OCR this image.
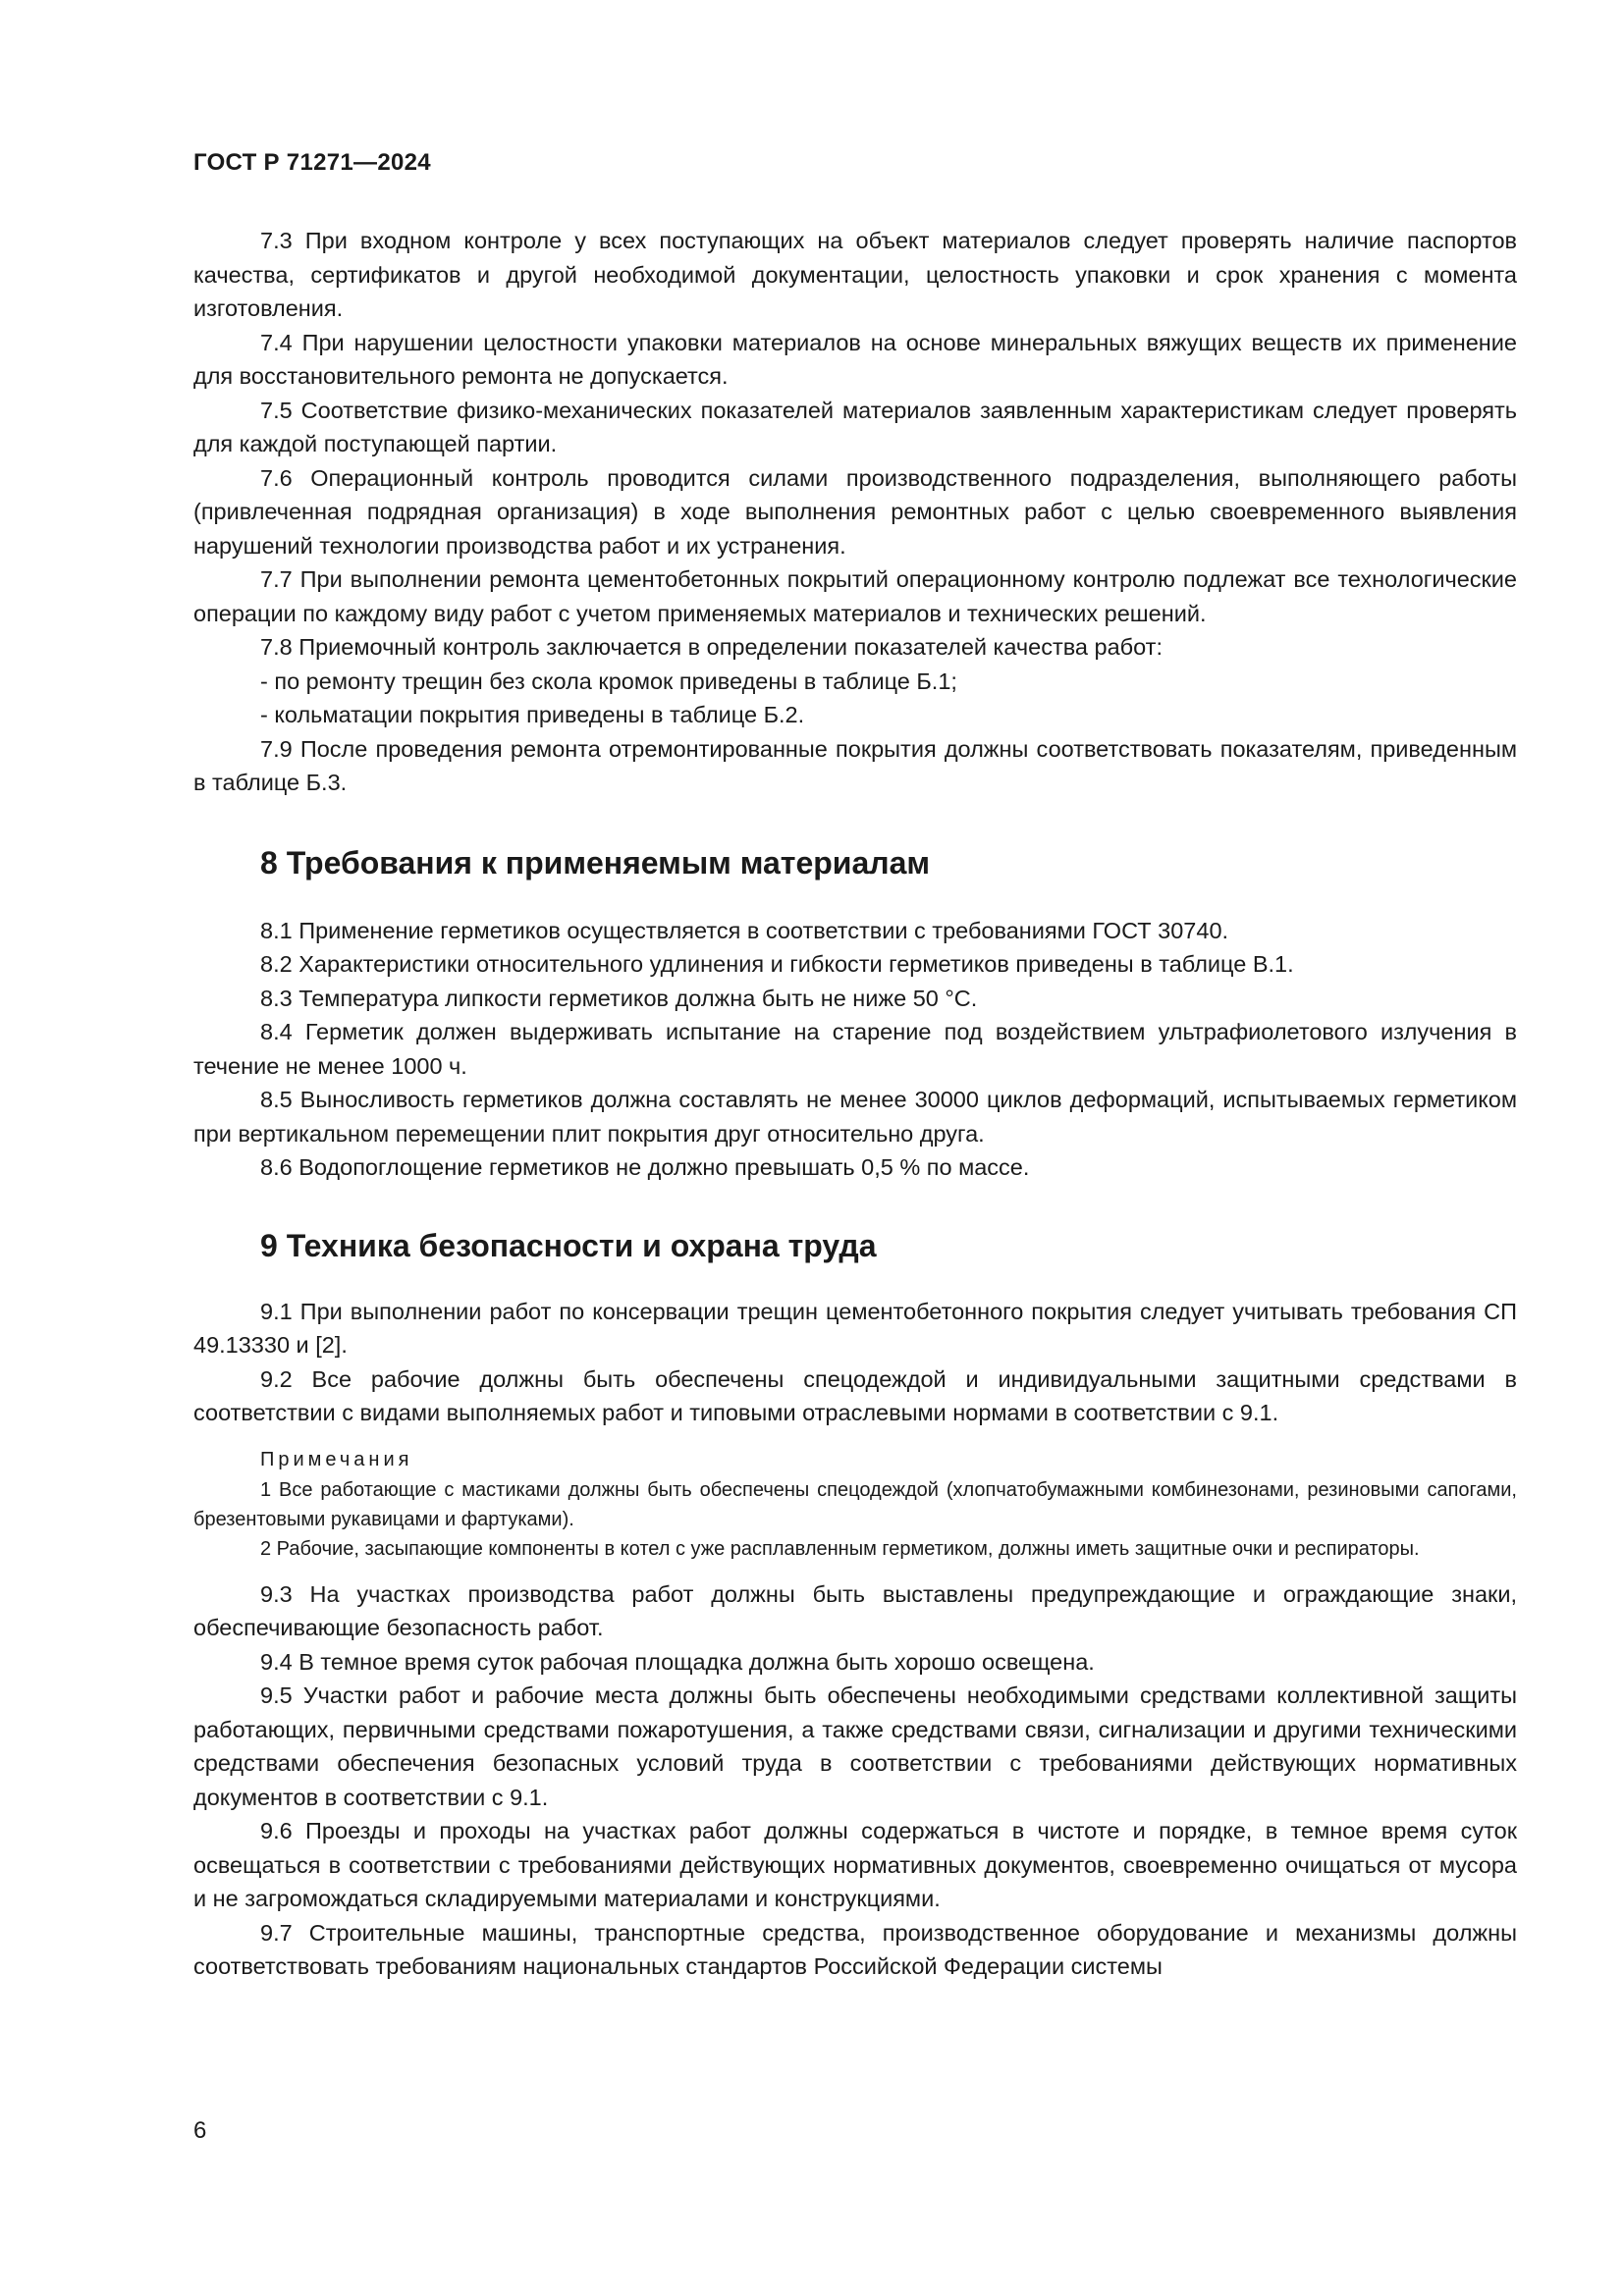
ГОСТ Р 71271—2024

7.3 При входном контроле у всех поступающих на объект материалов следует проверять наличие паспортов качества, сертификатов и другой необходимой документации, целостность упаковки и срок хранения с момента изготовления.

7.4 При нарушении целостности упаковки материалов на основе минеральных вяжущих веществ их применение для восстановительного ремонта не допускается.

7.5 Соответствие физико-механических показателей материалов заявленным характеристикам следует проверять для каждой поступающей партии.

7.6 Операционный контроль проводится силами производственного подразделения, выполняющего работы (привлеченная подрядная организация) в ходе выполнения ремонтных работ с целью своевременного выявления нарушений технологии производства работ и их устранения.

7.7 При выполнении ремонта цементобетонных покрытий операционному контролю подлежат все технологические операции по каждому виду работ с учетом применяемых материалов и технических решений.

7.8 Приемочный контроль заключается в определении показателей качества работ:

- по ремонту трещин без скола кромок приведены в таблице Б.1;

- кольматации покрытия приведены в таблице Б.2.

7.9 После проведения ремонта отремонтированные покрытия должны соответствовать показателям, приведенным в таблице Б.3.

8 Требования к применяемым материалам

8.1 Применение герметиков осуществляется в соответствии с требованиями ГОСТ 30740.

8.2 Характеристики относительного удлинения и гибкости герметиков приведены в таблице В.1.

8.3 Температура липкости герметиков должна быть не ниже 50 °С.

8.4 Герметик должен выдерживать испытание на старение под воздействием ультрафиолетового излучения в течение не менее 1000 ч.

8.5 Выносливость герметиков должна составлять не менее 30000 циклов деформаций, испытываемых герметиком при вертикальном перемещении плит покрытия друг относительно друга.

8.6 Водопоглощение герметиков не должно превышать 0,5 % по массе.

9 Техника безопасности и охрана труда

9.1 При выполнении работ по консервации трещин цементобетонного покрытия следует учитывать требования СП 49.13330 и [2].

9.2 Все рабочие должны быть обеспечены спецодеждой и индивидуальными защитными средствами в соответствии с видами выполняемых работ и типовыми отраслевыми нормами в соответствии с 9.1.

Примечания

1 Все работающие с мастиками должны быть обеспечены спецодеждой (хлопчатобумажными комбинезонами, резиновыми сапогами, брезентовыми рукавицами и фартуками).

2 Рабочие, засыпающие компоненты в котел с уже расплавленным герметиком, должны иметь защитные очки и респираторы.

9.3 На участках производства работ должны быть выставлены предупреждающие и ограждающие знаки, обеспечивающие безопасность работ.

9.4 В темное время суток рабочая площадка должна быть хорошо освещена.

9.5 Участки работ и рабочие места должны быть обеспечены необходимыми средствами коллективной защиты работающих, первичными средствами пожаротушения, а также средствами связи, сигнализации и другими техническими средствами обеспечения безопасных условий труда в соответствии с требованиями действующих нормативных документов в соответствии с 9.1.

9.6 Проезды и проходы на участках работ должны содержаться в чистоте и порядке, в темное время суток освещаться в соответствии с требованиями действующих нормативных документов, своевременно очищаться от мусора и не загромождаться складируемыми материалами и конструкциями.

9.7 Строительные машины, транспортные средства, производственное оборудование и механизмы должны соответствовать требованиям национальных стандартов Российской Федерации системы

6
